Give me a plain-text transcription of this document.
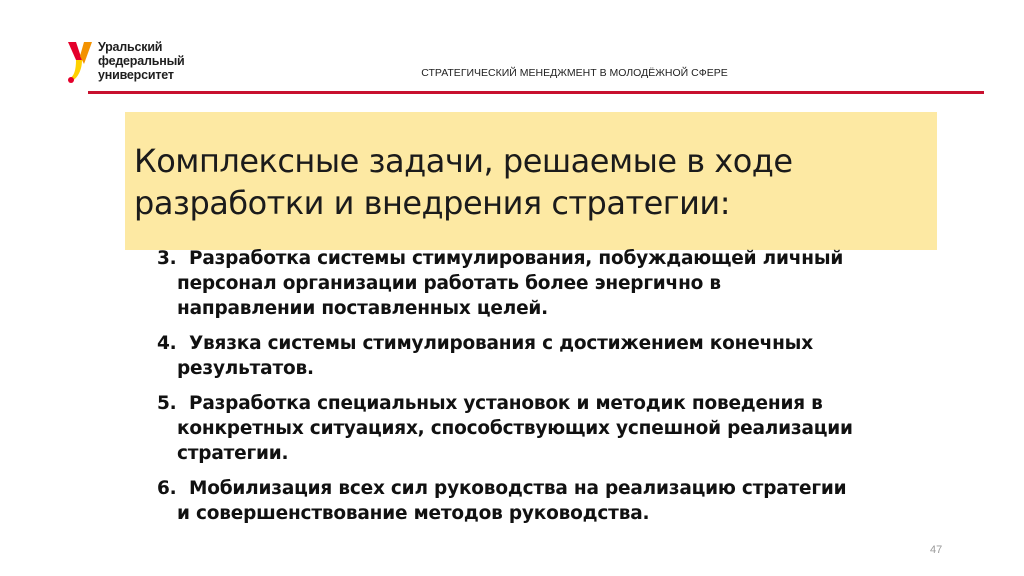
Уральский
федеральный
университет	СТРАТЕГИЧЕСКИЙ МЕНЕДЖМЕНТ В МОЛОДЁЖНОЙ СФЕРЕ
Комплексные задачи, решаемые в ходе
разработки и внедрения стратегии:
3.  Разработка системы стимулирования, побуждающей личный
персонал организации работать более энергично в
направлении поставленных целей.
4.  Увязка системы стимулирования с достижением конечных
результатов.
5.  Разработка специальных установок и методик поведения в
конкретных ситуациях, способствующих успешной реализации
стратегии.
6.  Мобилизация всех сил руководства на реализацию стратегии
и совершенствование методов руководства.
47
